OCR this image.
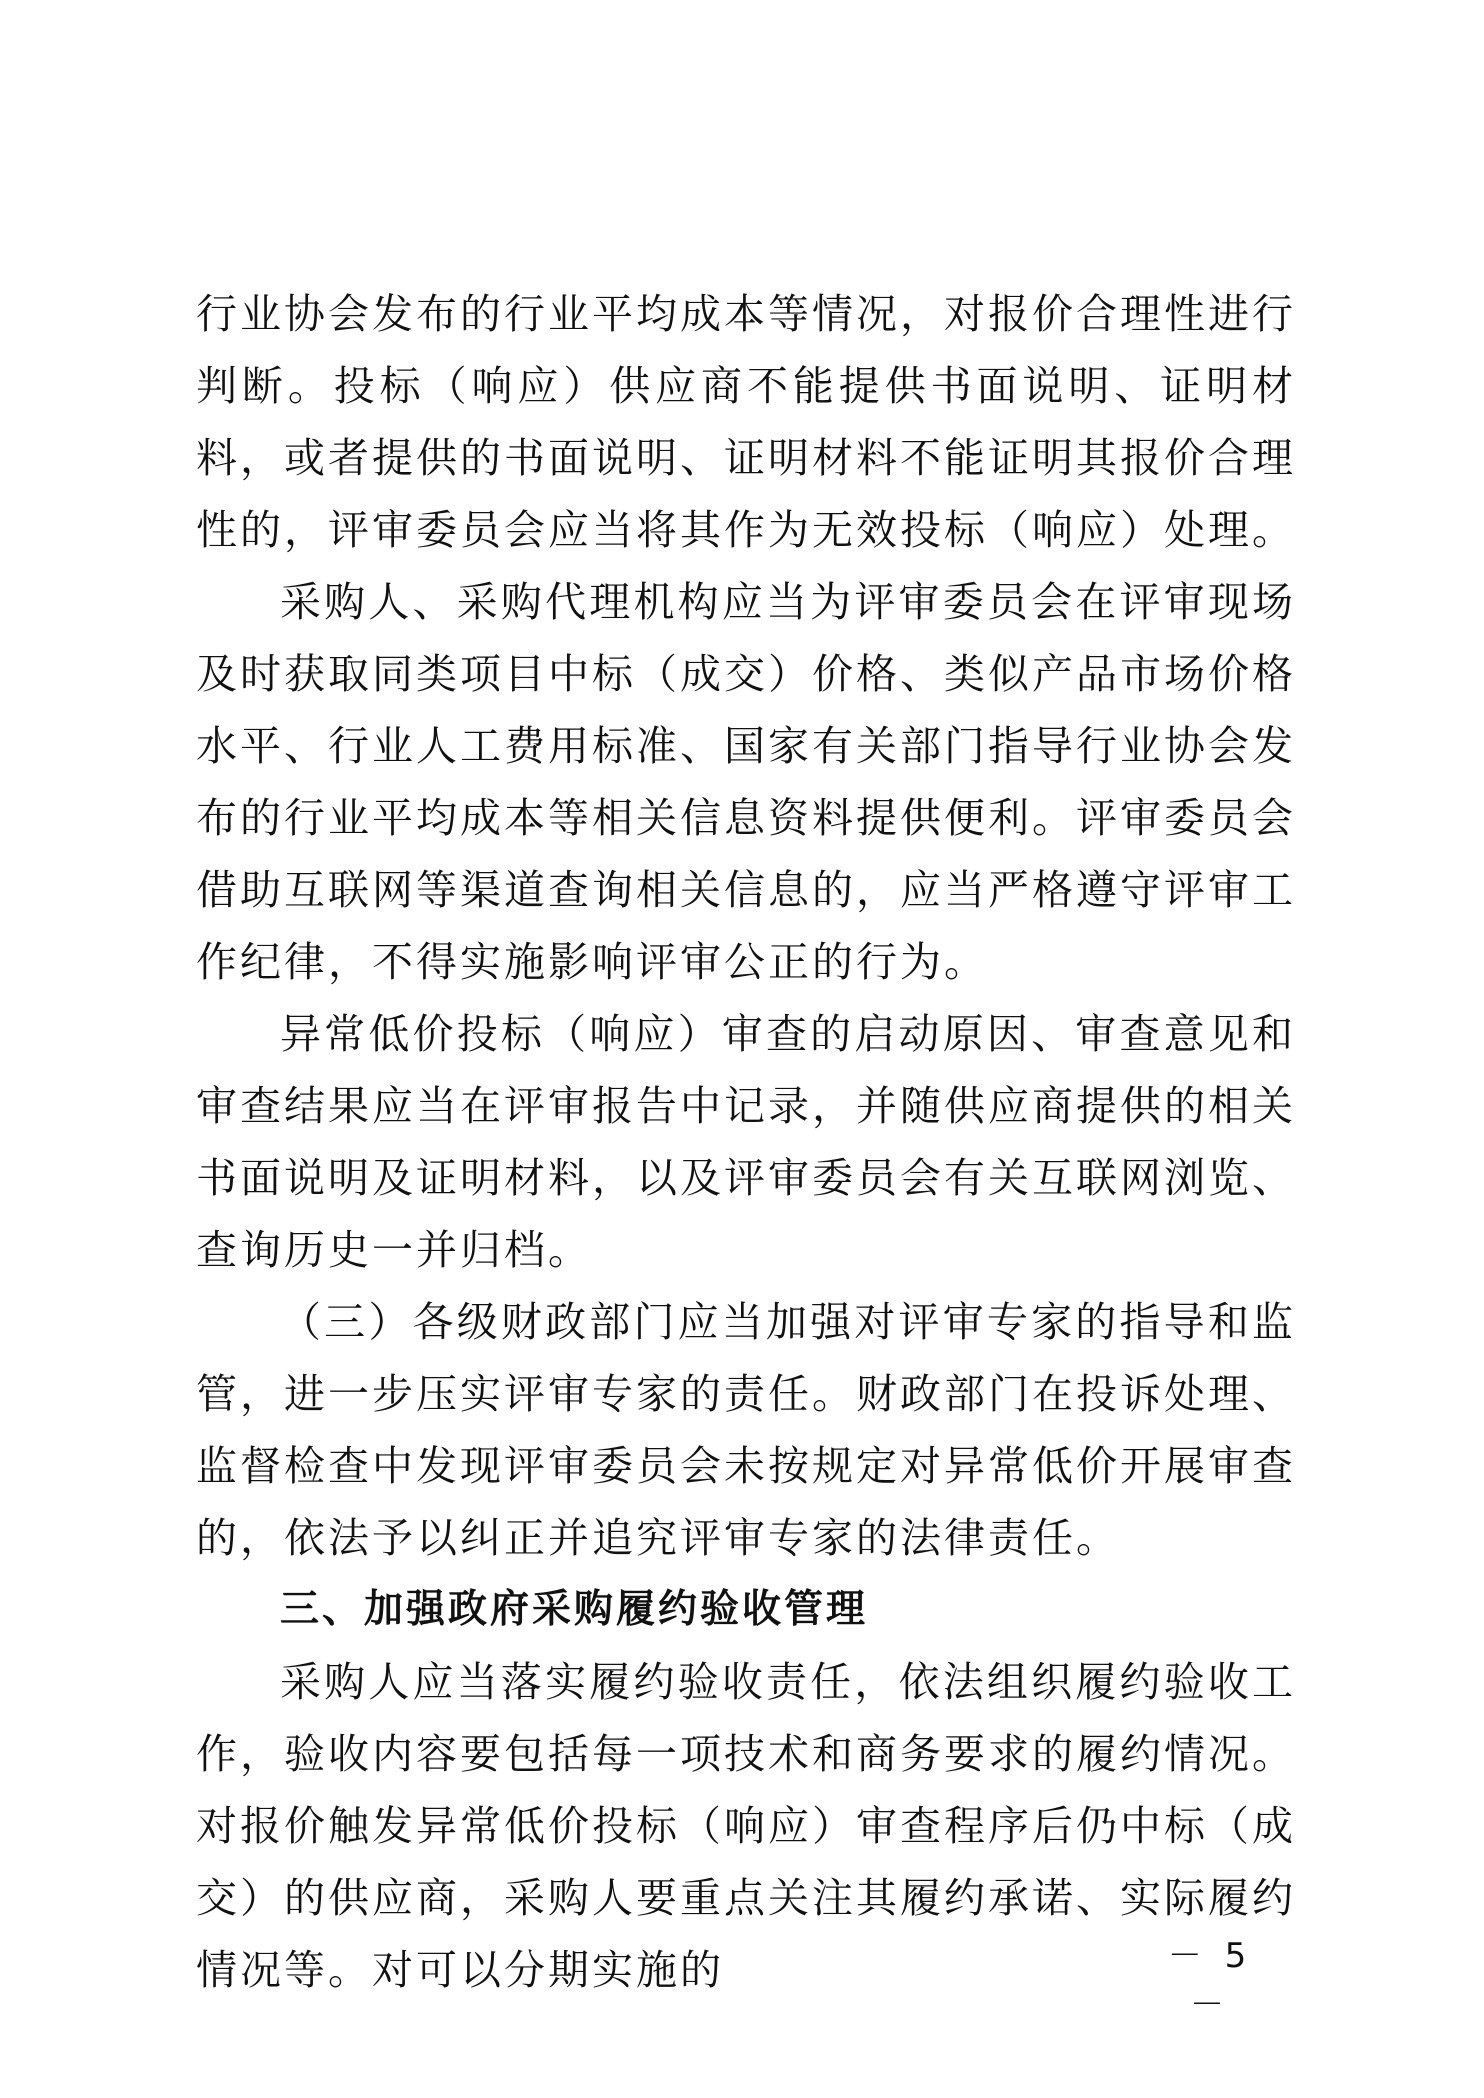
行业协会发布的行业平均成本等情况，对报价合理性进行判断。投标（响应）供应商不能提供书面说明、证明材料，或者提供的书面说明、证明材料不能证明其报价合理性的，评审委员会应当将其作为无效投标（响应）处理。

采购人、采购代理机构应当为评审委员会在评审现场及时获取同类项目中标（成交）价格、类似产品市场价格水平、行业人工费用标准、国家有关部门指导行业协会发布的行业平均成本等相关信息资料提供便利。评审委员会借助互联网等渠道查询相关信息的，应当严格遵守评审工作纪律，不得实施影响评审公正的行为。

异常低价投标（响应）审查的启动原因、审查意见和审查结果应当在评审报告中记录，并随供应商提供的相关书面说明及证明材料，以及评审委员会有关互联网浏览、查询历史一并归档。

（三）各级财政部门应当加强对评审专家的指导和监管，进一步压实评审专家的责任。财政部门在投诉处理、监督检查中发现评审委员会未按规定对异常低价开展审查的，依法予以纠正并追究评审专家的法律责任。

三、加强政府采购履约验收管理

采购人应当落实履约验收责任，依法组织履约验收工作，验收内容要包括每一项技术和商务要求的履约情况。对报价触发异常低价投标（响应）审查程序后仍中标（成交）的供应商，采购人要重点关注其履约承诺、实际履约情况等。对可以分期实施的	－ 5 －
